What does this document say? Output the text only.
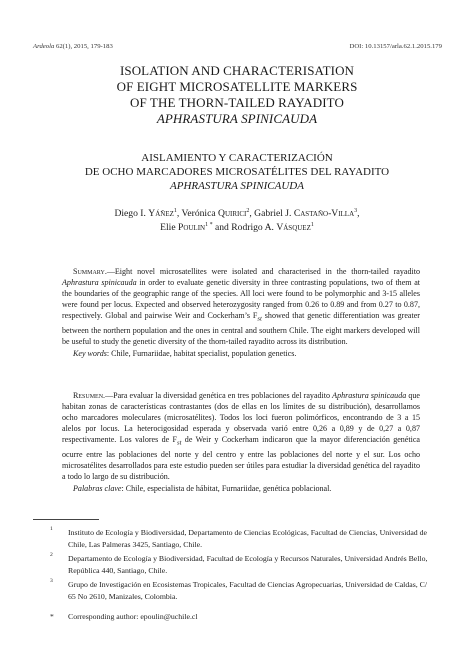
Ardeola 62(1), 2015, 179-183	DOI: 10.13157/arla.62.1.2015.179
ISOLATION AND CHARACTERISATION
OF EIGHT MICROSATELLITE MARKERS
OF THE THORN-TAILED RAYADITO
APHRASTURA SPINICAUDA
AISLAMIENTO Y CARACTERIZACIÓN
DE OCHO MARCADORES MICROSATÉLITES DEL RAYADITO
APHRASTURA SPINICAUDA
Diego I. Yáñez$^1$, Verónica Quirici$^2$, Gabriel J. Castaño-Villa$^3$,
Elie Poulin$^{1 *}$ and Rodrigo A. Vásquez$^1$

Summary.—Eight novel microsatellites were isolated and characterised in the thorn-tailed rayadito Aphrastura spinicauda in order to evaluate genetic diversity in three contrasting populations, two of them at the boundaries of the geographic range of the species. All loci were found to be polymorphic and 3-15 alleles were found per locus. Expected and observed heterozygosity ranged from 0.26 to 0.89 and from 0.27 to 0.87, respectively. Global and pairwise Weir and Cockerham’s $F_{st}$ showed that genetic differentiation was greater between the northern population and the ones in central and southern Chile. The eight markers developed will be useful to study the genetic diversity of the thorn-tailed rayadito across its distribution.

Key words: Chile, Furnariidae, habitat specialist, population genetics.

Resumen.—Para evaluar la diversidad genética en tres poblaciones del rayadito Aphrastura spinicauda que habitan zonas de características contrastantes (dos de ellas en los límites de su distribución), desarrollamos ocho marcadores moleculares (microsatélites). Todos los loci fueron polimórficos, encontrando de 3 a 15 alelos por locus. La heterocigosidad esperada y observada varió entre 0,26 a 0,89 y de 0,27 a 0,87 respectivamente. Los valores de $F_{st}$ de Weir y Cockerham indicaron que la mayor diferenciación genética ocurre entre las poblaciones del norte y del centro y entre las poblaciones del norte y el sur. Los ocho microsatélites desarrollados para este estudio pueden ser útiles para estudiar la diversidad genética del rayadito a todo lo largo de su distribución.

Palabras clave: Chile, especialista de hábitat, Furnariidae, genética poblacional.

1 Instituto de Ecología y Biodiversidad, Departamento de Ciencias Ecológicas, Facultad de Ciencias, Universidad de Chile, Las Palmeras 3425, Santiago, Chile.
2 Departamento de Ecología y Biodiversidad, Facultad de Ecología y Recursos Naturales, Universidad Andrés Bello, República 440, Santiago, Chile.
3 Grupo de Investigación en Ecosistemas Tropicales, Facultad de Ciencias Agropecuarias, Universidad de Caldas, C/ 65 No 2610, Manizales, Colombia.
* Corresponding author: epoulin@uchile.cl
